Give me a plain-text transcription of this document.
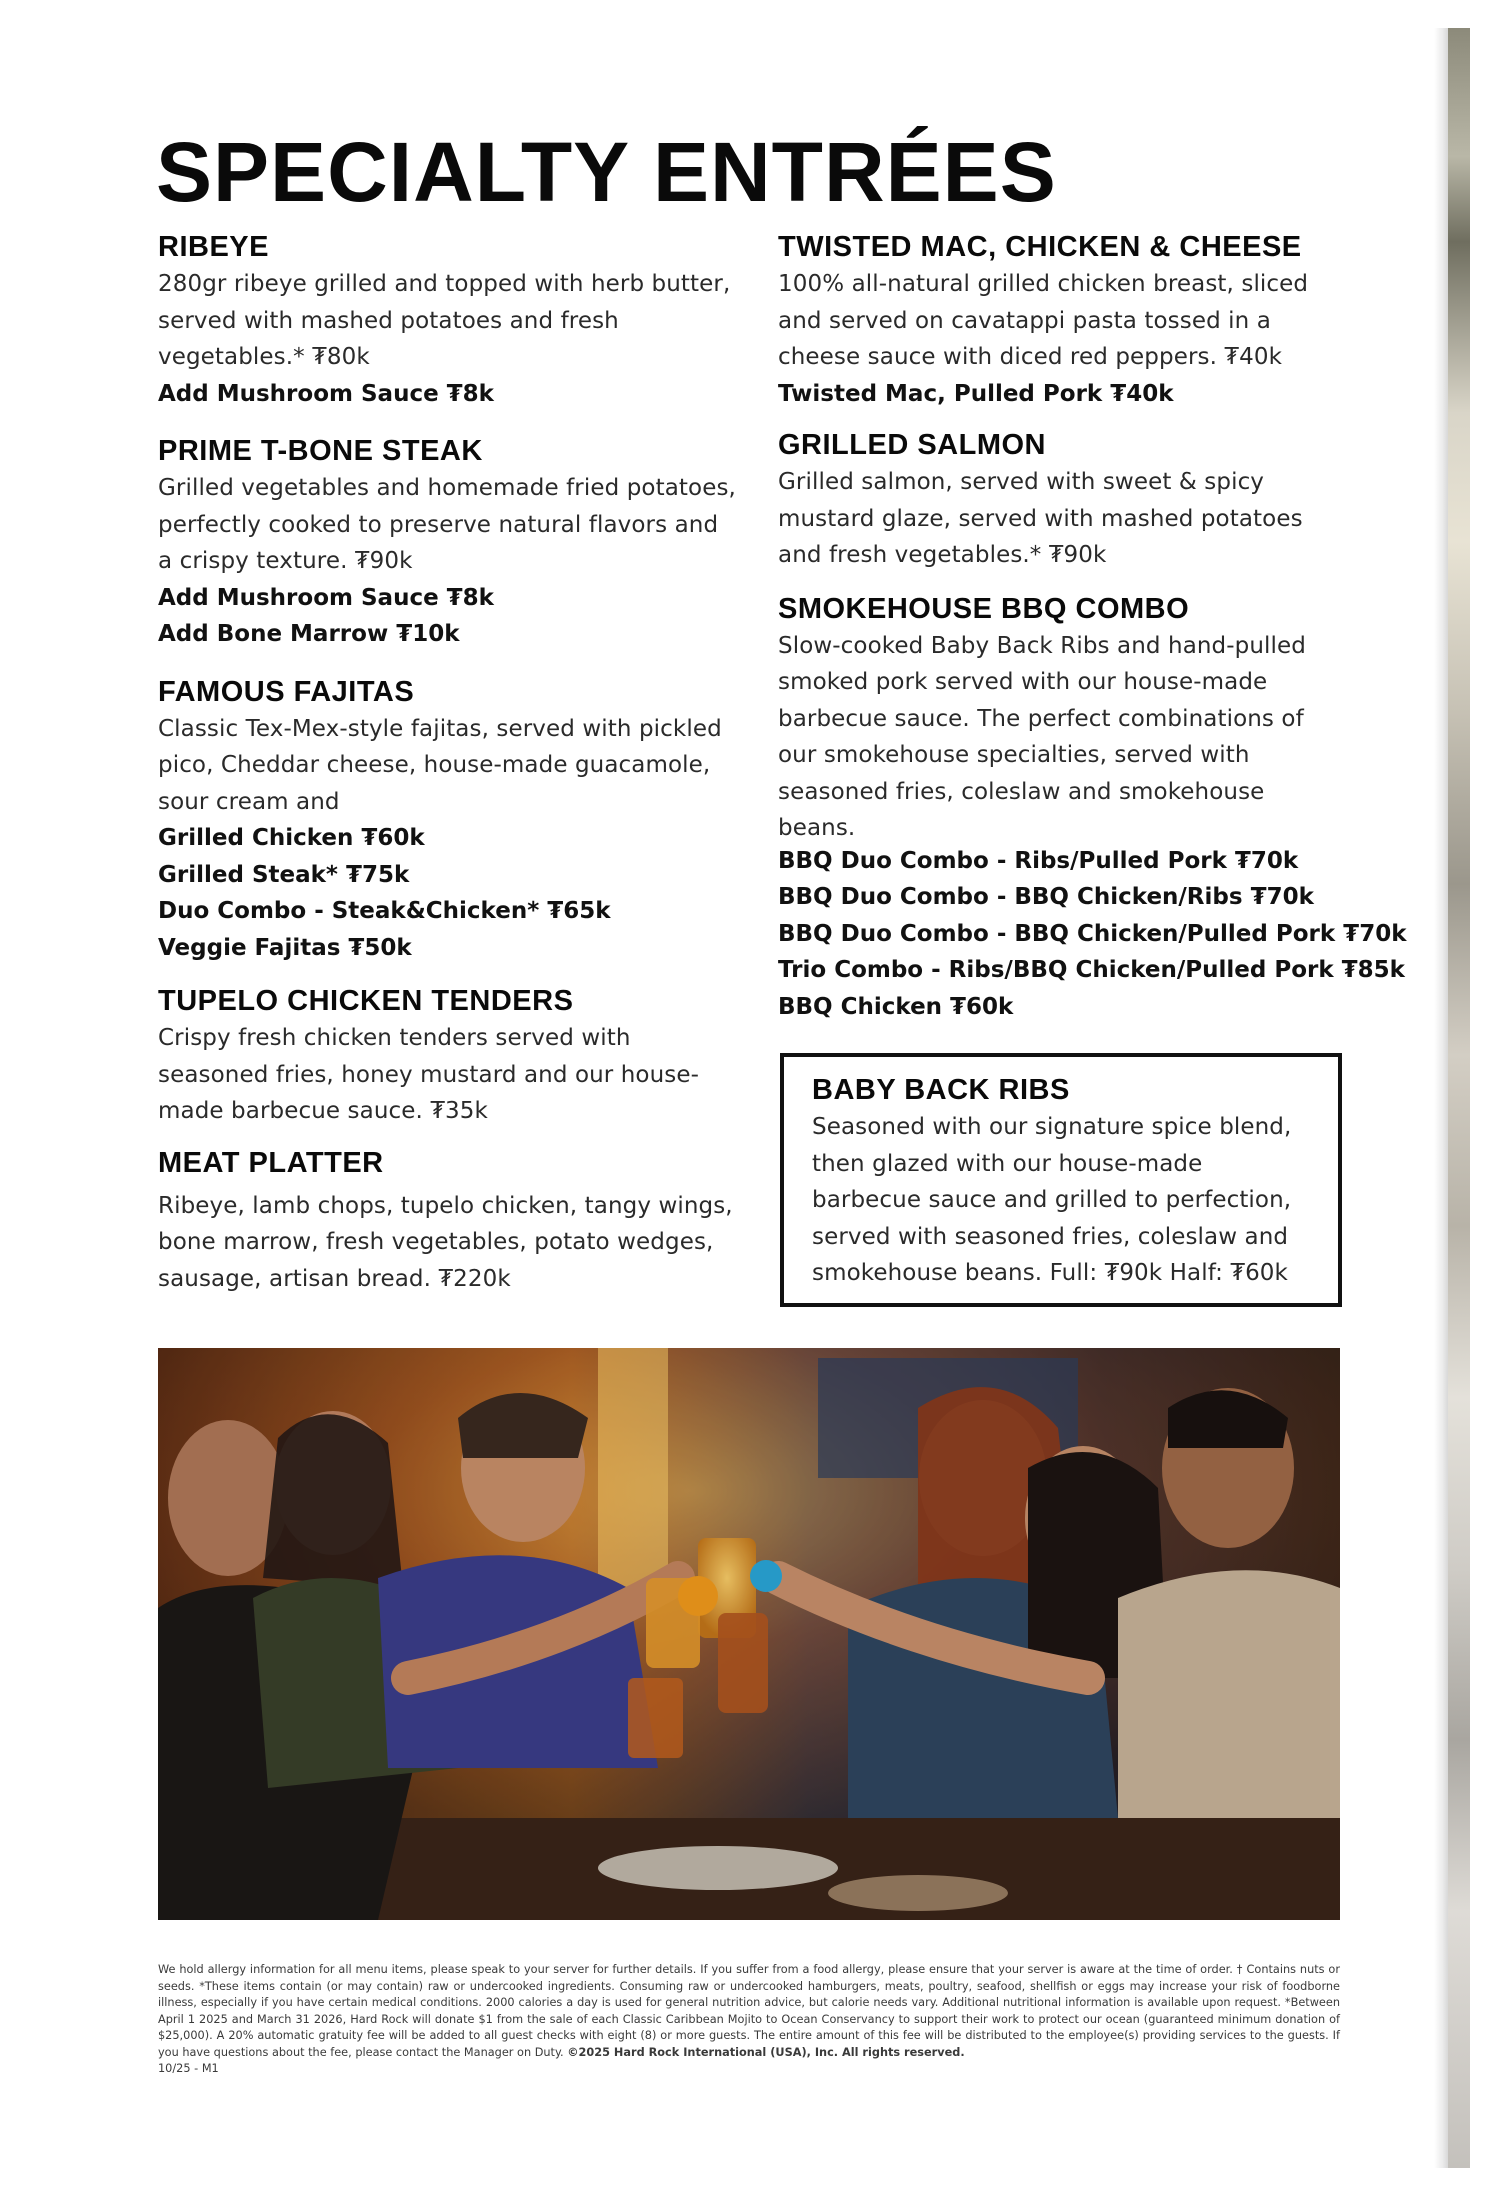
SPECIALTY ENTRÉES
RIBEYE

280gr ribeye grilled and topped with herb butter, served with mashed potatoes and fresh vegetables.* ₮80k

Add Mushroom Sauce ₮8k
PRIME T-BONE STEAK

Grilled vegetables and homemade fried potatoes, perfectly cooked to preserve natural flavors and a crispy texture. ₮90k

Add Mushroom Sauce ₮8k
Add Bone Marrow ₮10k
FAMOUS FAJITAS

Classic Tex-Mex-style fajitas, served with pickled pico, Cheddar cheese, house-made guacamole, sour cream and

Grilled Chicken ₮60k
Grilled Steak* ₮75k
Duo Combo - Steak&Chicken* ₮65k
Veggie Fajitas ₮50k
TUPELO CHICKEN TENDERS

Crispy fresh chicken tenders served with seasoned fries, honey mustard and our house-made barbecue sauce. ₮35k

MEAT PLATTER

Ribeye, lamb chops, tupelo chicken, tangy wings, bone marrow, fresh vegetables, potato wedges, sausage, artisan bread. ₮220k

TWISTED MAC, CHICKEN & CHEESE

100% all-natural grilled chicken breast, sliced and served on cavatappi pasta tossed in a cheese sauce with diced red peppers. ₮40k

Twisted Mac, Pulled Pork ₮40k
GRILLED SALMON

Grilled salmon, served with sweet & spicy mustard glaze, served with mashed potatoes and fresh vegetables.* ₮90k

SMOKEHOUSE BBQ COMBO

Slow-cooked Baby Back Ribs and hand-pulled smoked pork served with our house-made barbecue sauce. The perfect combinations of our smokehouse specialties, served with seasoned fries, coleslaw and smokehouse beans.

BBQ Duo Combo - Ribs/Pulled Pork ₮70k
BBQ Duo Combo - BBQ Chicken/Ribs ₮70k
BBQ Duo Combo - BBQ Chicken/Pulled Pork ₮70k
Trio Combo - Ribs/BBQ Chicken/Pulled Pork ₮85k
BBQ Chicken ₮60k
BABY BACK RIBS

Seasoned with our signature spice blend, then glazed with our house-made barbecue sauce and grilled to perfection, served with seasoned fries, coleslaw and smokehouse beans. Full: ₮90k Half: ₮60k

We hold allergy information for all menu items, please speak to your server for further details. If you suffer from a food allergy, please ensure that your server is aware at the time of order. † Contains nuts or seeds. *These items contain (or may contain) raw or undercooked ingredients. Consuming raw or undercooked hamburgers, meats, poultry, seafood, shellfish or eggs may increase your risk of foodborne illness, especially if you have certain medical conditions. 2000 calories a day is used for general nutrition advice, but calorie needs vary. Additional nutritional information is available upon request. *Between April 1 2025 and March 31 2026, Hard Rock will donate $1 from the sale of each Classic Caribbean Mojito to Ocean Conservancy to support their work to protect our ocean (guaranteed minimum donation of $25,000). A 20% automatic gratuity fee will be added to all guest checks with eight (8) or more guests. The entire amount of this fee will be distributed to the employee(s) providing services to the guests. If you have questions about the fee, please contact the Manager on Duty. ©2025 Hard Rock International (USA), Inc. All rights reserved.
10/25 - M1
